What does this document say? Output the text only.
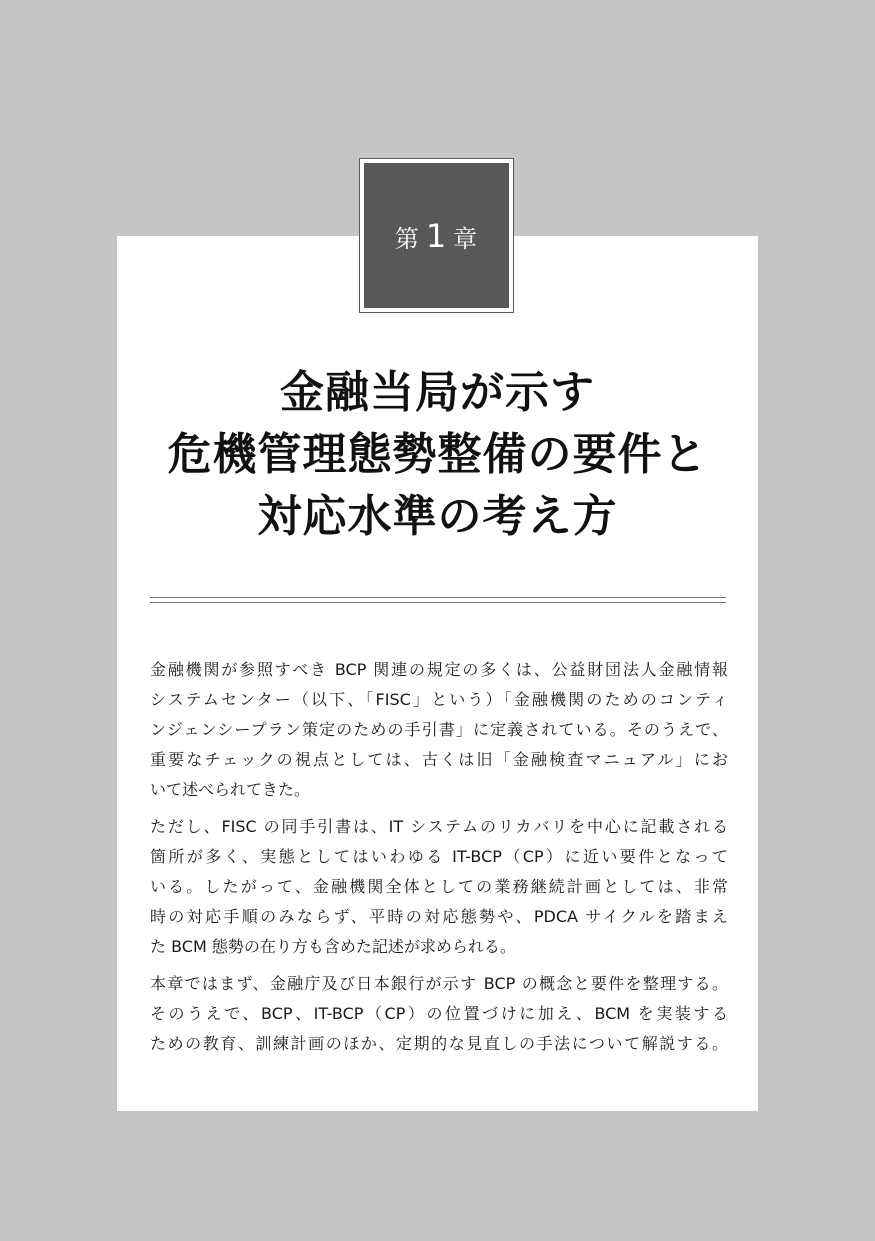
第 1 章
金融当局が示す
危機管理態勢整備の要件と
対応水準の考え方
金融機関が参照すべき BCP 関連の規定の多くは、公益財団法人金融情報
システムセンター（以下、「FISC」という）「金融機関のためのコンティ
ンジェンシープラン策定のための手引書」に定義されている。そのうえで、
重要なチェックの視点としては、古くは旧「金融検査マニュアル」にお
いて述べられてきた。
ただし、FISC の同手引書は、IT システムのリカバリを中心に記載される
箇所が多く、実態としてはいわゆる IT-BCP（CP）に近い要件となって
いる。したがって、金融機関全体としての業務継続計画としては、非常
時の対応手順のみならず、平時の対応態勢や、PDCA サイクルを踏まえ
た BCM 態勢の在り方も含めた記述が求められる。
本章ではまず、金融庁及び日本銀行が示す BCP の概念と要件を整理する。
そのうえで、BCP、IT-BCP（CP）の位置づけに加え、BCM を実装する
ための教育、訓練計画のほか、定期的な見直しの手法について解説する。
